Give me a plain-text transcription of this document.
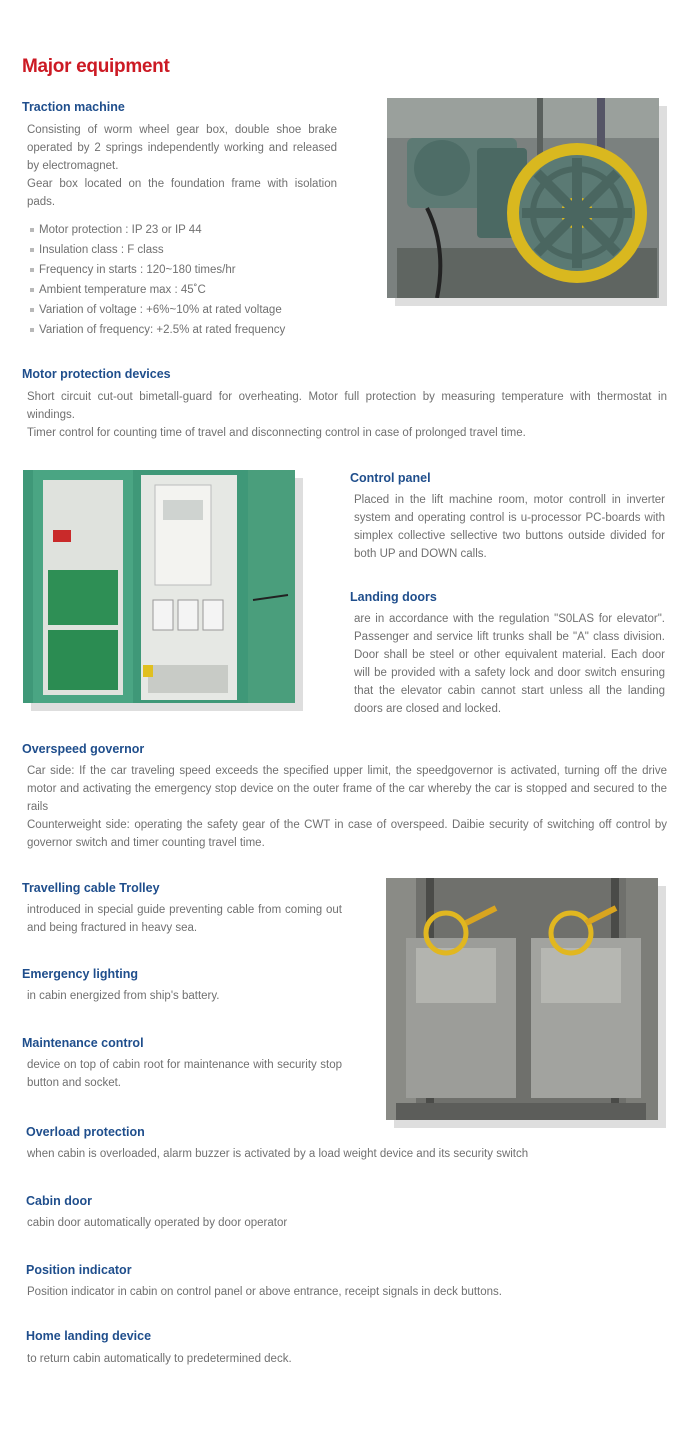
Major equipment
Traction machine
Consisting of worm wheel gear box, double shoe brake operated by 2 springs independently working and released by electromagnet.
Gear box located on the foundation frame with isolation pads.
Motor protection : IP 23 or IP 44
Insulation class : F class
Frequency in starts : 120~180 times/hr
Ambient temperature max : 45˚C
Variation of voltage : +6%~10% at rated voltage
Variation of frequency: +2.5% at rated frequency
Motor protection devices
Short circuit cut-out bimetall-guard for overheating. Motor full protection by measuring temperature with thermostat in windings.
Timer control for counting time of travel and disconnecting control in case of prolonged travel time.
Control panel
Placed in the lift machine room, motor controll in inverter system and operating control is u-processor PC-boards with simplex collective sellective two buttons outside divided for both UP and DOWN calls.
Landing doors
are in accordance with the regulation "S0LAS for elevator". Passenger and service lift trunks shall be "A" class division. Door shall be steel or other equivalent material. Each door will be provided with a safety lock and door switch ensuring that the elevator cabin cannot start unless all the landing doors are closed and locked.
Overspeed governor
Car side: If the car traveling speed exceeds the specified upper limit, the speedgovernor is activated, turning off the drive motor and activating the emergency stop device on the outer frame of the car whereby the car is stopped and secured to the rails
Counterweight side: operating the safety gear of the CWT in case of overspeed. Daibie security of switching off control by governor switch and timer counting travel time.
Travelling cable Trolley
introduced in special guide preventing cable from coming out and being fractured in heavy sea.
Emergency lighting
in cabin energized from ship's battery.
Maintenance control
device on top of cabin root for maintenance with security stop button and socket.
Overload protection
when cabin is overloaded, alarm buzzer is activated by a load weight device and its security switch
Cabin door
cabin door automatically operated by door operator
Position indicator
Position indicator in cabin on control panel or above entrance, receipt signals in deck buttons.
Home landing device
to return cabin automatically to predetermined deck.
